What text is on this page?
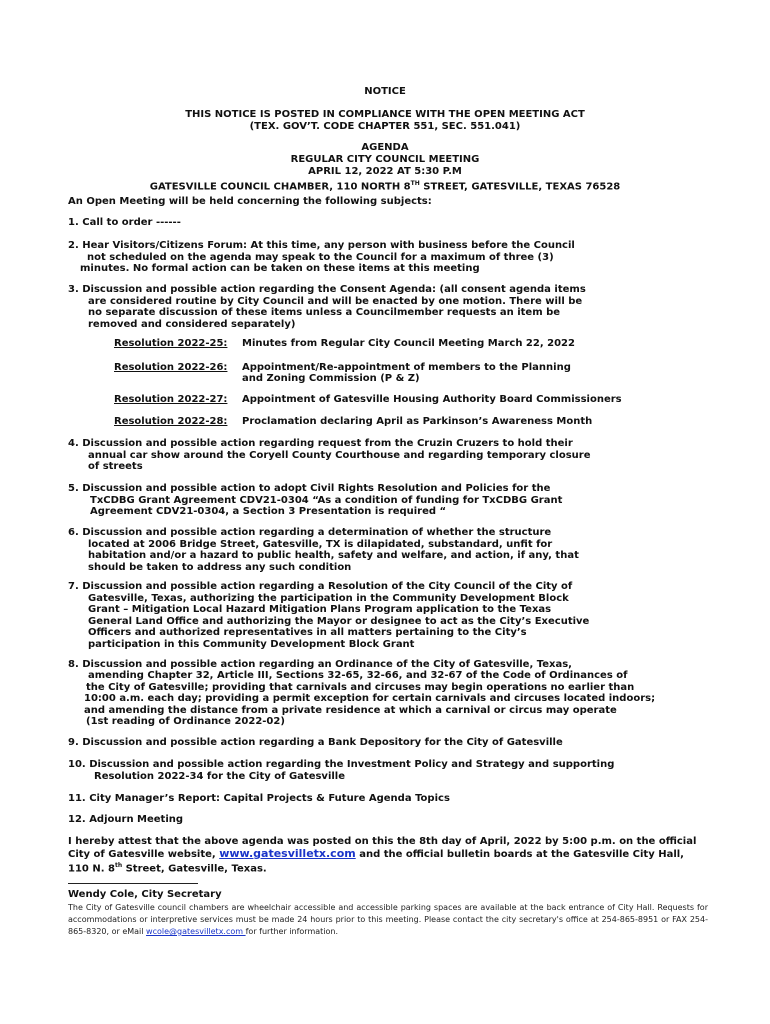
NOTICE
THIS NOTICE IS POSTED IN COMPLIANCE WITH THE OPEN MEETING ACT
(TEX. GOV’T. CODE CHAPTER 551, SEC. 551.041)
AGENDA
REGULAR CITY COUNCIL MEETING
APRIL 12, 2022 AT 5:30 P.M
GATESVILLE COUNCIL CHAMBER, 110 NORTH 8TH STREET, GATESVILLE, TEXAS 76528
An Open Meeting will be held concerning the following subjects:
1. Call to order ------
2. Hear Visitors/Citizens Forum: At this time, any person with business before the Council
not scheduled on the agenda may speak to the Council for a maximum of three (3)
minutes. No formal action can be taken on these items at this meeting
3. Discussion and possible action regarding the Consent Agenda: (all consent agenda items
are considered routine by City Council and will be enacted by one motion. There will be
no separate discussion of these items unless a Councilmember requests an item be
removed and considered separately)
Resolution 2022-25: Minutes from Regular City Council Meeting March 22, 2022
Resolution 2022-26: Appointment/Re-appointment of members to the Planning
and Zoning Commission (P & Z)
Resolution 2022-27: Appointment of Gatesville Housing Authority Board Commissioners
Resolution 2022-28: Proclamation declaring April as Parkinson’s Awareness Month
4. Discussion and possible action regarding request from the Cruzin Cruzers to hold their
annual car show around the Coryell County Courthouse and regarding temporary closure
of streets
5. Discussion and possible action to adopt Civil Rights Resolution and Policies for the
TxCDBG Grant Agreement CDV21-0304 “As a condition of funding for TxCDBG Grant
Agreement CDV21-0304, a Section 3 Presentation is required “
6. Discussion and possible action regarding a determination of whether the structure
located at 2006 Bridge Street, Gatesville, TX is dilapidated, substandard, unfit for
habitation and/or a hazard to public health, safety and welfare, and action, if any, that
should be taken to address any such condition
7. Discussion and possible action regarding a Resolution of the City Council of the City of
Gatesville, Texas, authorizing the participation in the Community Development Block
Grant – Mitigation Local Hazard Mitigation Plans Program application to the Texas
General Land Office and authorizing the Mayor or designee to act as the City’s Executive
Officers and authorized representatives in all matters pertaining to the City’s
participation in this Community Development Block Grant
8. Discussion and possible action regarding an Ordinance of the City of Gatesville, Texas,
amending Chapter 32, Article III, Sections 32-65, 32-66, and 32-67 of the Code of Ordinances of
the City of Gatesville; providing that carnivals and circuses may begin operations no earlier than
10:00 a.m. each day; providing a permit exception for certain carnivals and circuses located indoors;
and amending the distance from a private residence at which a carnival or circus may operate
(1st reading of Ordinance 2022-02)
9. Discussion and possible action regarding a Bank Depository for the City of Gatesville
10. Discussion and possible action regarding the Investment Policy and Strategy and supporting
Resolution 2022-34 for the City of Gatesville
11. City Manager’s Report: Capital Projects & Future Agenda Topics
12. Adjourn Meeting
I hereby attest that the above agenda was posted on this the 8th day of April, 2022 by 5:00 p.m. on the official
City of Gatesville website, www.gatesvilletx.com and the official bulletin boards at the Gatesville City Hall,
110 N. 8th Street, Gatesville, Texas.
Wendy Cole, City Secretary
The City of Gatesville council chambers are wheelchair accessible and accessible parking spaces are available at the back entrance of City Hall. Requests for accommodations or interpretive services must be made 24 hours prior to this meeting. Please contact the city secretary's office at 254-865-8951 or FAX 254-865-8320, or eMail wcole@gatesvilletx.com for further information.
